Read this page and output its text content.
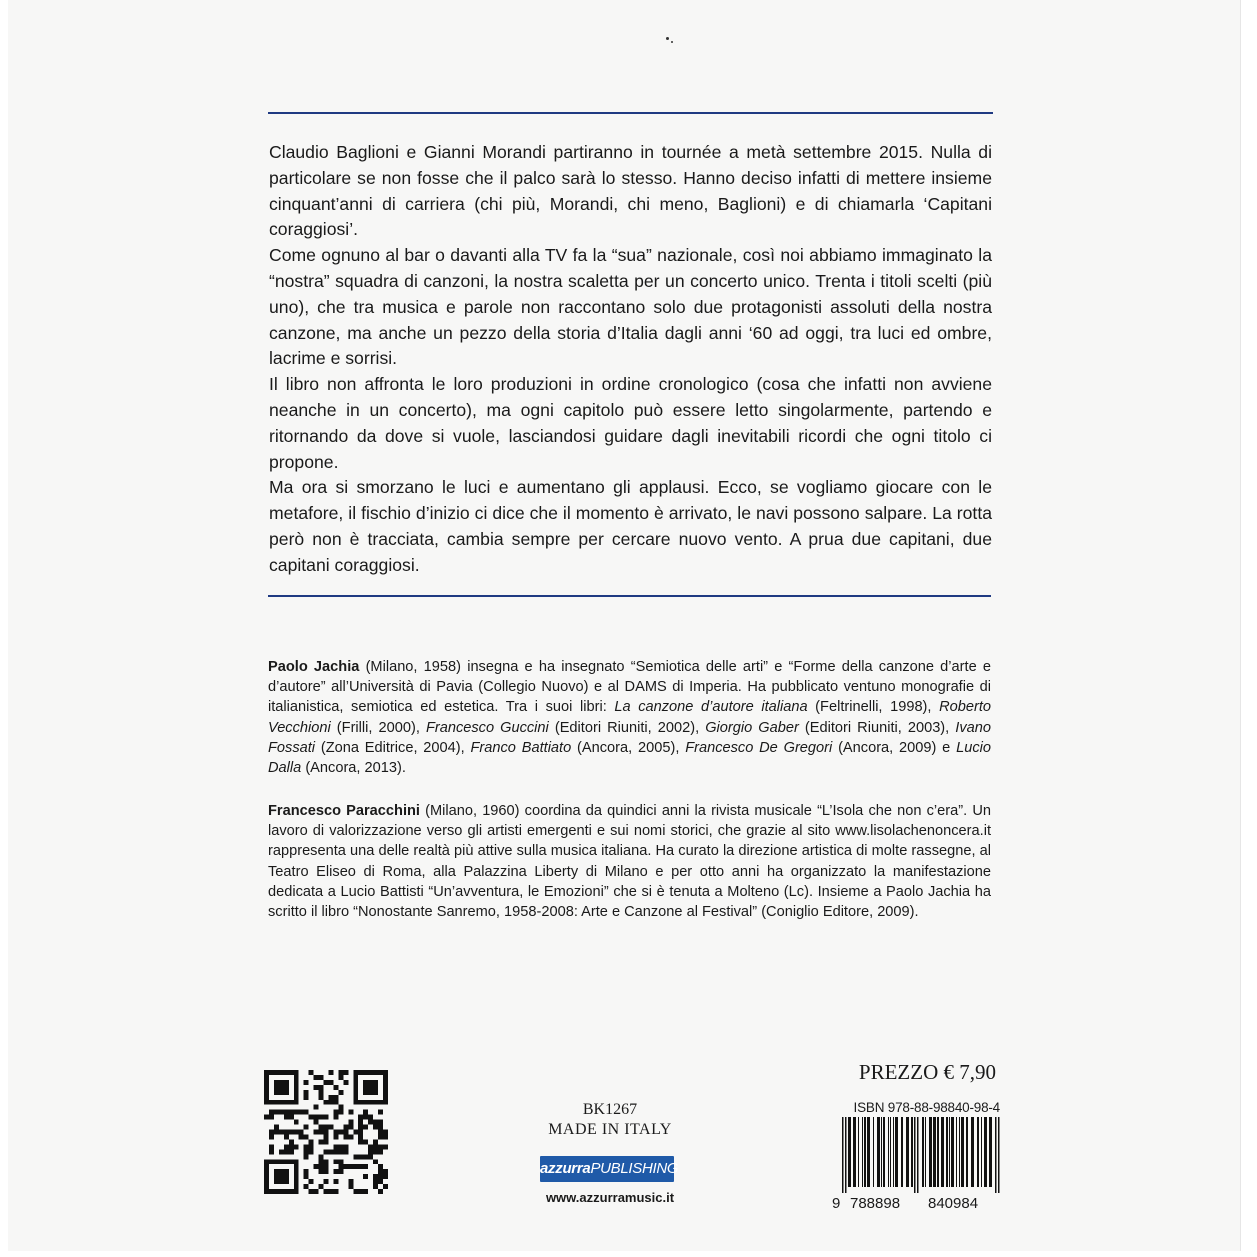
Claudio Baglioni e Gianni Morandi partiranno in tournée a metà settembre 2015. Nulla di particolare se non fosse che il palco sarà lo stesso. Hanno deciso infatti di mettere insieme cinquant’anni di carriera (chi più, Morandi, chi meno, Baglioni) e di chiamarla ‘Capitani coraggiosi’.

Come ognuno al bar o davanti alla TV fa la “sua” nazionale, così noi abbiamo immaginato la “nostra” squadra di canzoni, la nostra scaletta per un concerto unico. Trenta i titoli scelti (più uno), che tra musica e parole non raccontano solo due protagonisti assoluti della nostra canzone, ma anche un pezzo della storia d’Italia dagli anni ‘60 ad oggi, tra luci ed ombre, lacrime e sorrisi.

Il libro non affronta le loro produzioni in ordine cronologico (cosa che infatti non avviene neanche in un concerto), ma ogni capitolo può essere letto singolarmente, partendo e ritornando da dove si vuole, lasciandosi guidare dagli inevitabili ricordi che ogni titolo ci propone.

Ma ora si smorzano le luci e aumentano gli applausi. Ecco, se vogliamo giocare con le metafore, il fischio d’inizio ci dice che il momento è arrivato, le navi possono salpare. La rotta però non è tracciata, cambia sempre per cercare nuovo vento. A prua due capitani, due capitani coraggiosi.

Paolo Jachia (Milano, 1958) insegna e ha insegnato “Semiotica delle arti” e “Forme della canzone d’arte e d’autore” all’Università di Pavia (Collegio Nuovo) e al DAMS di Imperia. Ha pubblicato ventuno monografie di italianistica, semiotica ed estetica. Tra i suoi libri: La canzone d’autore italiana (Feltrinelli, 1998), Roberto Vecchioni (Frilli, 2000), Francesco Guccini (Editori Riuniti, 2002), Giorgio Gaber (Editori Riuniti, 2003), Ivano Fossati (Zona Editrice, 2004), Franco Battiato (Ancora, 2005), Francesco De Gregori (Ancora, 2009) e Lucio Dalla (Ancora, 2013).

Francesco Paracchini (Milano, 1960) coordina da quindici anni la rivista musicale “L’Isola che non c’era”. Un lavoro di valorizzazione verso gli artisti emergenti e sui nomi storici, che grazie al sito www.lisolachenoncera.it rappresenta una delle realtà più attive sulla musica italiana. Ha curato la direzione artistica di molte rassegne, al Teatro Eliseo di Roma, alla Palazzina Liberty di Milano e per otto anni ha organizzato la manifestazione dedicata a Lucio Battisti “Un’avventura, le Emozioni” che si è tenuta a Molteno (Lc). Insieme a Paolo Jachia ha scritto il libro “Nonostante Sanremo, 1958-2008: Arte e Canzone al Festival” (Coniglio Editore, 2009).

BK1267
MADE IN ITALY
azzurraPUBLISHING
www.azzurramusic.it
PREZZO € 7,90
ISBN 978-88-98840-98-4
9 788898 840984
